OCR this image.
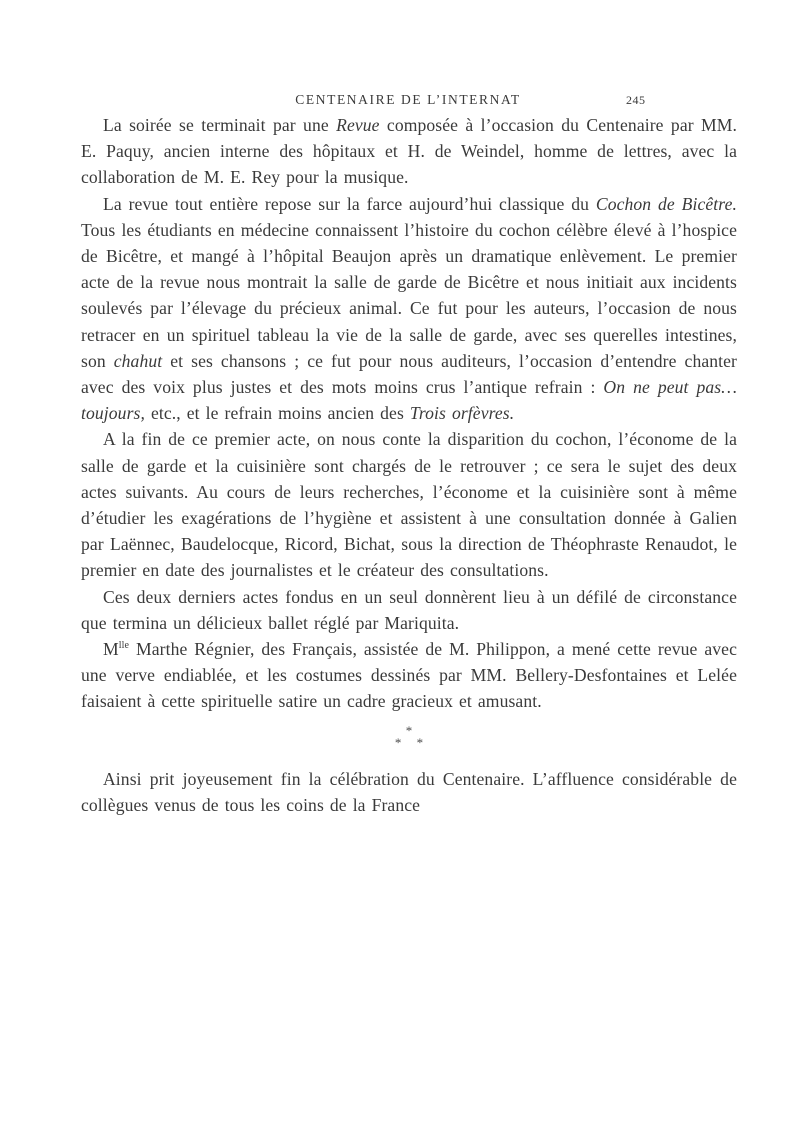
CENTENAIRE DE L’INTERNAT	245

La soirée se terminait par une Revue composée à l’occasion du Centenaire par MM. E. Paquy, ancien interne des hôpitaux et H. de Weindel, homme de lettres, avec la collaboration de M. E. Rey pour la musique.

La revue tout entière repose sur la farce aujourd’hui classique du Cochon de Bicêtre. Tous les étudiants en médecine connaissent l’histoire du cochon célèbre élevé à l’hospice de Bicêtre, et mangé à l’hôpital Beaujon après un dramatique enlèvement. Le premier acte de la revue nous montrait la salle de garde de Bicêtre et nous initiait aux incidents soulevés par l’élevage du précieux animal. Ce fut pour les auteurs, l’occasion de nous retracer en un spirituel tableau la vie de la salle de garde, avec ses querelles intestines, son chahut et ses chansons ; ce fut pour nous auditeurs, l’occasion d’entendre chanter avec des voix plus justes et des mots moins crus l’antique refrain : On ne peut pas… toujours, etc., et le refrain moins ancien des Trois orfèvres.

A la fin de ce premier acte, on nous conte la disparition du cochon, l’économe de la salle de garde et la cuisinière sont chargés de le retrouver ; ce sera le sujet des deux actes suivants. Au cours de leurs recherches, l’économe et la cuisinière sont à même d’étudier les exagérations de l’hygiène et assistent à une consultation donnée à Galien par Laënnec, Baudelocque, Ricord, Bichat, sous la direction de Théophraste Renaudot, le premier en date des journalistes et le créateur des consultations.

Ces deux derniers actes fondus en un seul donnèrent lieu à un défilé de circonstance que termina un délicieux ballet réglé par Mariquita.

$M^{lle}$ Marthe Régnier, des Français, assistée de M. Philippon, a mené cette revue avec une verve endiablée, et les costumes dessinés par MM. Bellery-Desfontaines et Lelée faisaient à cette spirituelle satire un cadre gracieux et amusant.

*
* *

Ainsi prit joyeusement fin la célébration du Centenaire. L’affluence considérable de collègues venus de tous les coins de la France
